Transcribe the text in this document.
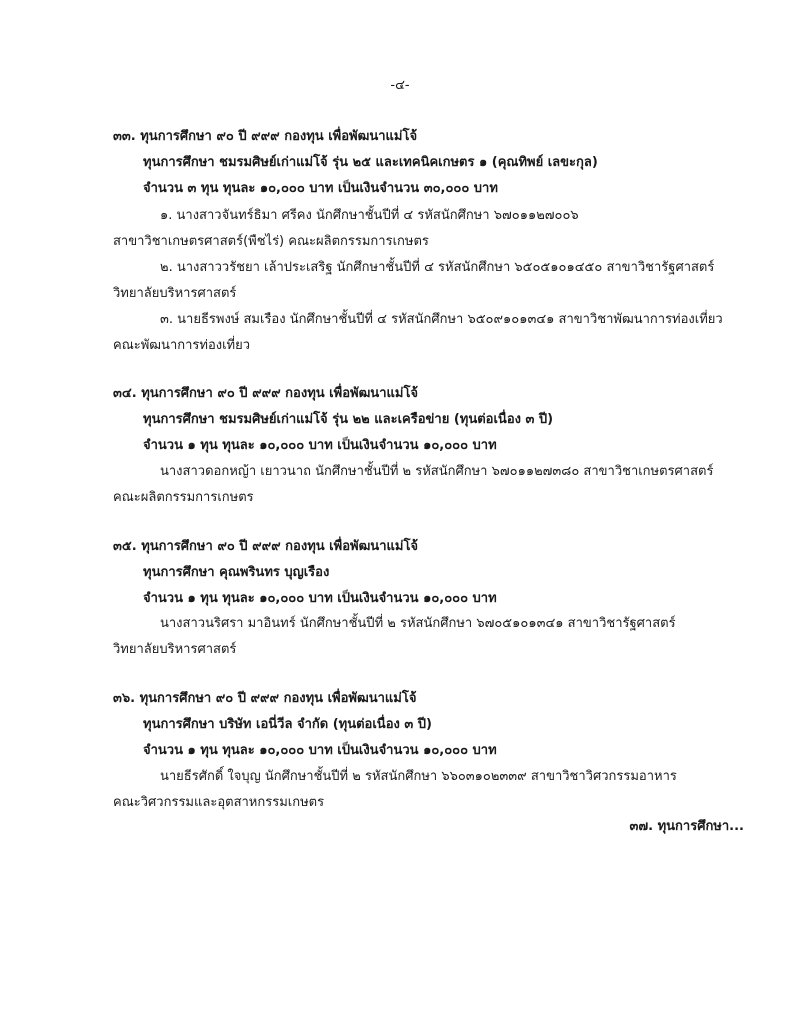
-๔-
๓๓. ทุนการศึกษา ๙๐ ปี ๙๙๙ กองทุน เพื่อพัฒนาแม่โจ้
ทุนการศึกษา ชมรมศิษย์เก่าแม่โจ้ รุ่น ๒๕ และเทคนิคเกษตร ๑ (คุณทิพย์ เลขะกุล)
จำนวน ๓ ทุน ทุนละ ๑๐,๐๐๐ บาท เป็นเงินจำนวน ๓๐,๐๐๐ บาท
๑. นางสาวจันทร์ธิมา ศรีคง นักศึกษาชั้นปีที่ ๔ รหัสนักศึกษา ๖๗๐๑๑๒๗๐๐๖
สาขาวิชาเกษตรศาสตร์(พืชไร่) คณะผลิตกรรมการเกษตร
๒. นางสาววรัชยา เล้าประเสริฐ นักศึกษาชั้นปีที่ ๔ รหัสนักศึกษา ๖๕๐๕๑๐๑๔๕๐ สาขาวิชารัฐศาสตร์
วิทยาลัยบริหารศาสตร์
๓. นายธีรพงษ์ สมเรือง นักศึกษาชั้นปีที่ ๔ รหัสนักศึกษา ๖๕๐๙๑๐๑๓๔๑ สาขาวิชาพัฒนาการท่องเที่ยว
คณะพัฒนาการท่องเที่ยว
๓๔. ทุนการศึกษา ๙๐ ปี ๙๙๙ กองทุน เพื่อพัฒนาแม่โจ้
ทุนการศึกษา ชมรมศิษย์เก่าแม่โจ้ รุ่น ๒๒ และเครือข่าย (ทุนต่อเนื่อง ๓ ปี)
จำนวน ๑ ทุน ทุนละ ๑๐,๐๐๐ บาท เป็นเงินจำนวน ๑๐,๐๐๐ บาท
นางสาวดอกหญ้า เยาวนาถ นักศึกษาชั้นปีที่ ๒ รหัสนักศึกษา ๖๗๐๑๑๒๗๓๘๐ สาขาวิชาเกษตรศาสตร์
คณะผลิตกรรมการเกษตร
๓๕. ทุนการศึกษา ๙๐ ปี ๙๙๙ กองทุน เพื่อพัฒนาแม่โจ้
ทุนการศึกษา คุณพรินทร บุญเรือง
จำนวน ๑ ทุน ทุนละ ๑๐,๐๐๐ บาท เป็นเงินจำนวน ๑๐,๐๐๐ บาท
นางสาวนริศรา มาอินทร์ นักศึกษาชั้นปีที่ ๒ รหัสนักศึกษา ๖๗๐๕๑๐๑๓๔๑ สาขาวิชารัฐศาสตร์
วิทยาลัยบริหารศาสตร์
๓๖. ทุนการศึกษา ๙๐ ปี ๙๙๙ กองทุน เพื่อพัฒนาแม่โจ้
ทุนการศึกษา บริษัท เอนี่วีล จำกัด (ทุนต่อเนื่อง ๓ ปี)
จำนวน ๑ ทุน ทุนละ ๑๐,๐๐๐ บาท เป็นเงินจำนวน ๑๐,๐๐๐ บาท
นายธีรศักดิ์ ใจบุญ นักศึกษาชั้นปีที่ ๒ รหัสนักศึกษา ๖๖๐๓๑๐๒๓๓๙ สาขาวิชาวิศวกรรมอาหาร
คณะวิศวกรรมและอุตสาหกรรมเกษตร
๓๗. ทุนการศึกษา...
